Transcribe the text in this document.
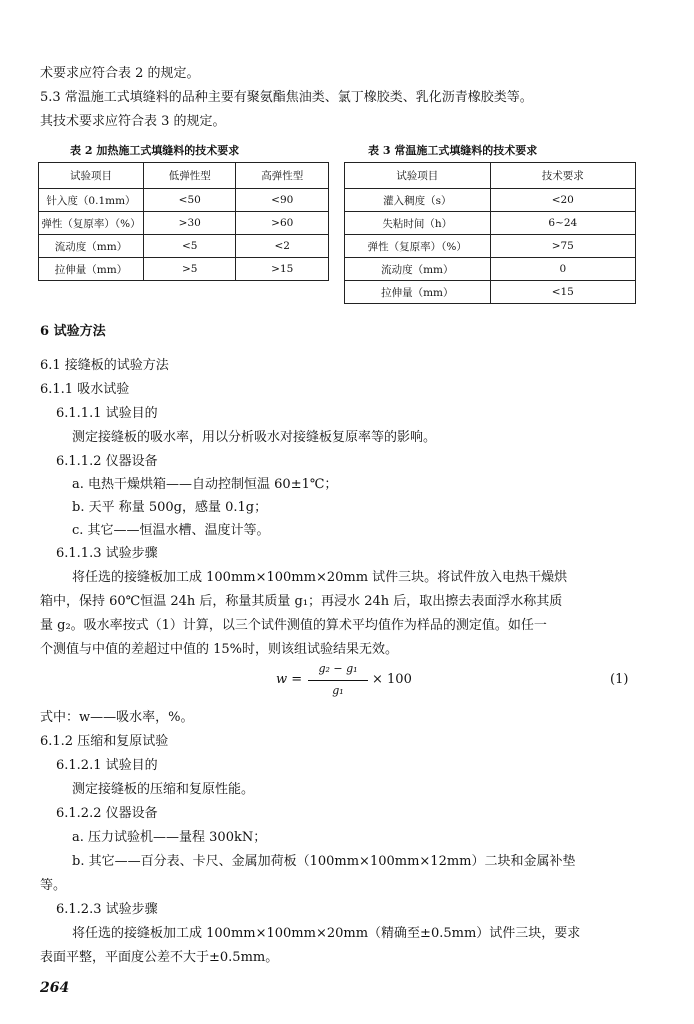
术要求应符合表 2 的规定。
5.3 常温施工式填缝料的品种主要有聚氨酯焦油类、氯丁橡胶类、乳化沥青橡胶类等。
其技术要求应符合表 3 的规定。
表 2 加热施工式填缝料的技术要求
试验项目	低弹性型	高弹性型
针入度（0.1mm）	<50	<90
弹性（复原率）（%）	>30	>60
流动度（mm）	<5	<2
拉伸量（mm）	>5	>15
表 3 常温施工式填缝料的技术要求
试验项目	技术要求
灌入稠度（s）	<20
失粘时间（h）	6~24
弹性（复原率）（%）	>75
流动度（mm）	0
拉伸量（mm）	<15
6 试验方法
6.1 接缝板的试验方法
6.1.1 吸水试验
6.1.1.1 试验目的
测定接缝板的吸水率，用以分析吸水对接缝板复原率等的影响。
6.1.1.2 仪器设备
a. 电热干燥烘箱——自动控制恒温 60±1℃；
b. 天平 称量 500g，感量 0.1g；
c. 其它——恒温水槽、温度计等。
6.1.1.3 试验步骤
将任选的接缝板加工成 100mm×100mm×20mm 试件三块。将试件放入电热干燥烘
箱中，保持 60℃恒温 24h 后，称量其质量 g₁；再浸水 24h 后，取出擦去表面浮水称其质
量 g₂。吸水率按式（1）计算，以三个试件测值的算术平均值作为样品的测定值。如任一
个测值与中值的差超过中值的 15%时，则该组试验结果无效。
w =
g₂ − g₁
g₁
× 100	(1)
式中：w——吸水率，%。
6.1.2 压缩和复原试验
6.1.2.1 试验目的
测定接缝板的压缩和复原性能。
6.1.2.2 仪器设备
a. 压力试验机——量程 300kN；
b. 其它——百分表、卡尺、金属加荷板（100mm×100mm×12mm）二块和金属补垫
等。
6.1.2.3 试验步骤
将任选的接缝板加工成 100mm×100mm×20mm（精确至±0.5mm）试件三块，要求
表面平整，平面度公差不大于±0.5mm。
264
